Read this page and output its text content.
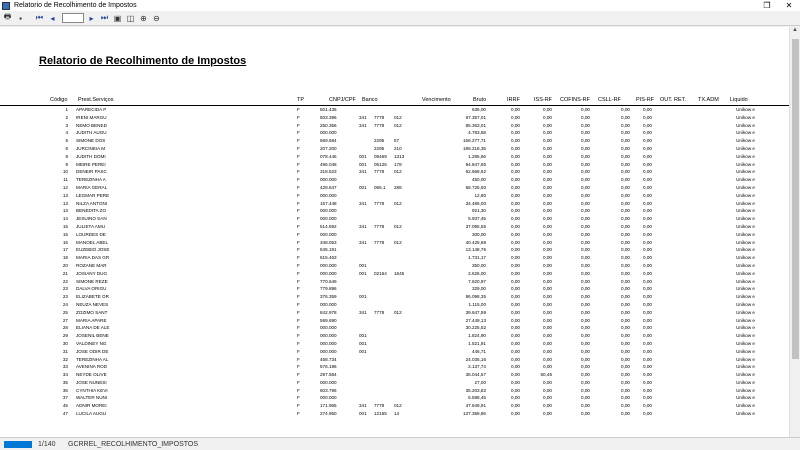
Relatorio de Recolhimento de Impostos	❐	✕
🖶 ▪	⏮ ◂	▸ ⏭ ▣ ◫ ⊕ ⊖
Relatorio de Recolhimento de Impostos
Código Prest.Serviços	TP	CNPJ/CPF Banco	Vencimento	Bruto	IRRF	ISS-RF COFINS-RF CSLL-RF	PIS-RF OUT. RET. TX.ADM Liquido
1 APARECIDA P	F	501.435	636,00	0,00	0,00	0,00	0,00	0,00	Unikow e
2 IRENI MARGU	F	503.396	341 7778 012	67.357,01	0,00	0,00	0,00	0,00	0,00	Unikow e
3 NEMO BENED	F	250.356	341 7778 012	85.363,01	0,00	0,00	0,00	0,00	0,00	Unikow e
4 JUDITH AUGU	F	000.000	4.783,58	0,00	0,00	0,00	0,00	0,00	Unikow e
5 SIMONE DOS	F	569.684	2295 57	156.277,71	0,00	0,00	0,00	0,00	0,00	Unikow e
6 JURCINEIA M	F	207.200	2295 210	188.218,35	0,00	0,00	0,00	0,00	0,00	Unikow e
8 JUDITH DOMI	F	078.445	001 09469 1313	1.285,66	0,00	0,00	0,00	0,00	0,00	Unikow e
9 MEIRE PEREI	F	496.048	001 05126 178	94.847,65	0,00	0,00	0,00	0,00	0,00	Unikow e
10 DENEIR PASC	F	318.523	341 7778 012	62.668,62	0,00	0,00	0,00	0,00	0,00	Unikow e
11 TEREZINHA A	F	000.000	450,00	0,00	0,00	0,00	0,00	0,00	Unikow e
12 MARIA GERAL	F	428.647	001 066.1 288	68.725,50	0,00	0,00	0,00	0,00	0,00	Unikow e
13 LEGMAR PERE	F	000.000	12,80	0,00	0,00	0,00	0,00	0,00	Unikow e
13 NILZA ANTONI	F	157.448	341 7778 012	34.485,00	0,00	0,00	0,00	0,00	0,00	Unikow e
13 BENEDITA ZO	F	000.000	921,30	0,00	0,00	0,00	0,00	0,00	Unikow e
14 JESUINO SAN	F	000.000	5.937,45	0,00	0,00	0,00	0,00	0,00	Unikow e
15 JULIETA AMU	F	514.592	341 7778 012	37.095,55	0,00	0,00	0,00	0,00	0,00	Unikow e
15 LOURDES DE	F	000.000	300,00	0,00	0,00	0,00	0,00	0,00	Unikow e
16 MANOEL ABEL	F	348.053	341 7778 012	40.425,69	0,00	0,00	0,00	0,00	0,00	Unikow e
17 EUZEBIO JOSE	F	545.191	13.148,76	0,00	0,00	0,00	0,00	0,00	Unikow e
19 MARIA DAS GR	F	615.463	1.731,17	0,00	0,00	0,00	0,00	0,00	Unikow e
20 ROZANE MAR	F	000.000	001	350,00	0,00	0,00	0,00	0,00	0,00	Unikow e
21 JOSIANY DUG	F	000.000	001 02164 1645	2.626,00	0,00	0,00	0,00	0,00	0,00	Unikow e
22 SIMONE REZE	F	770.649	7.620,97	0,00	0,00	0,00	0,00	0,00	Unikow e
23 DALVA ORIGU	F	779.896	329,00	0,00	0,00	0,00	0,00	0,00	Unikow e
23 ELIZABETE OR	F	376.359	001	86.098,35	0,00	0,00	0,00	0,00	0,00	Unikow e
24 NEUZA NEVES	F	000.000	1.115,00	0,00	0,00	0,00	0,00	0,00	Unikow e
25 ZOZIMO SANT	F	842.978	341 7778 012	39.647,59	0,00	0,00	0,00	0,00	0,00	Unikow e
27 MARIA APARE	F	569.690	27.449,13	0,00	0,00	0,00	0,00	0,00	Unikow e
28 ELIANA DE ALE	F	000.000	30.225,52	0,00	0,00	0,00	0,00	0,00	Unikow e
29 JOSENIL BENE	F	000.000	001	1.824,90	0,00	0,00	0,00	0,00	0,00	Unikow e
30 VALDINEY NG	F	000.000	001	1.521,91	0,00	0,00	0,00	0,00	0,00	Unikow e
31 JOSE ODIR DE	F	000.000	001	446,71	0,00	0,00	0,00	0,00	0,00	Unikow e
32 TEREZINHA AL	F	458.734	24.035,16	0,00	0,00	0,00	0,00	0,00	Unikow e
33 AVENINA ROD	F	576.196	2.137,74	0,00	0,00	0,00	0,00	0,00	Unikow e
34 NEYDE OLIVE	F	297.584	36.044,57	0,00	50,46	0,00	0,00	0,00	Unikow e
35 JOSE NUNESI	F	000.000	27,00	0,00	0,00	0,00	0,00	0,00	Unikow e
36 CYNTHIA KEVI	F	603.796	35.203,82	0,00	0,00	0,00	0,00	0,00	Unikow e
37 WALTER NUNI	F	000.000	6.598,45	0,00	0,00	0,00	0,00	0,00	Unikow e
45 ADNIR MOREI	F	171.965	341 7778 012	47.649,91	0,00	0,00	0,00	0,00	0,00	Unikow e
47 LUCILA AUGU	F	274.950	001 12165 14	137.358,86	0,00	0,00	0,00	0,00	0,00	Unikow e
▲
1/140	GCRREL_RECOLHIMENTO_IMPOSTOS
